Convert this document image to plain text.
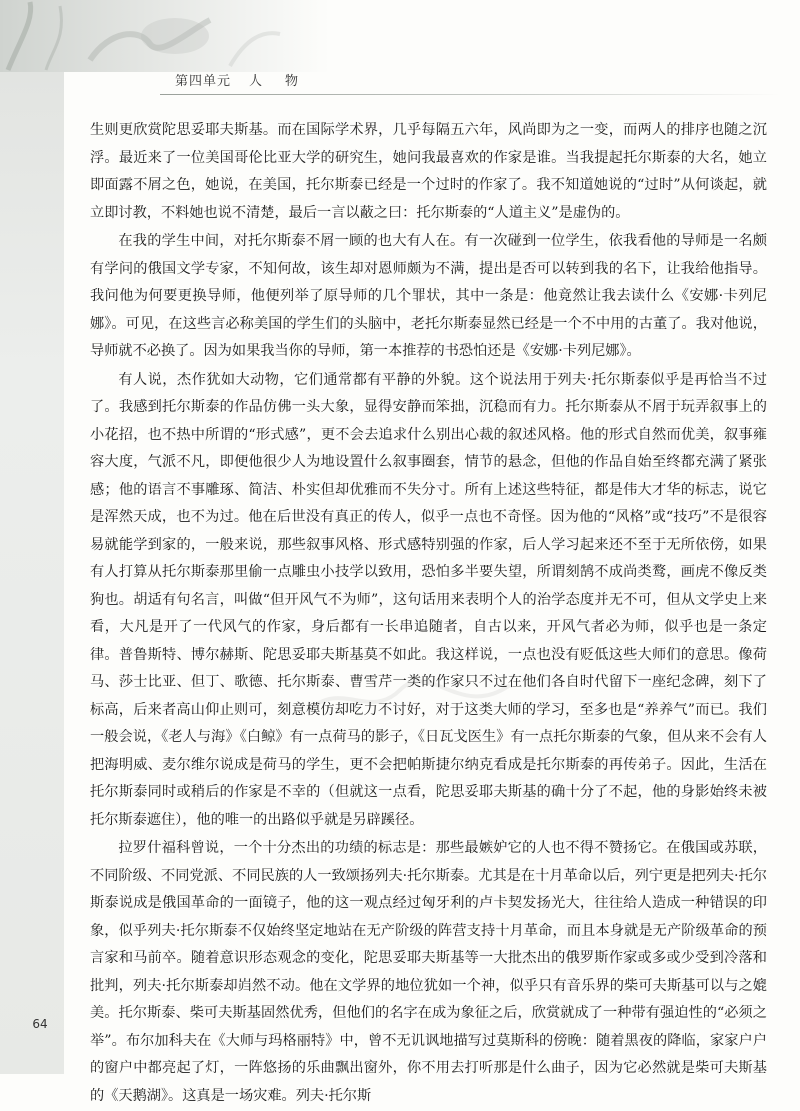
第四单元 人 物

生则更欣赏陀思妥耶夫斯基。而在国际学术界，几乎每隔五六年，风尚即为之一变，而两人的排序也随之沉浮。最近来了一位美国哥伦比亚大学的研究生，她问我最喜欢的作家是谁。当我提起托尔斯泰的大名，她立即面露不屑之色，她说，在美国，托尔斯泰已经是一个过时的作家了。我不知道她说的“过时”从何谈起，就立即讨教，不料她也说不清楚，最后一言以蔽之曰：托尔斯泰的“人道主义”是虚伪的。

在我的学生中间，对托尔斯泰不屑一顾的也大有人在。有一次碰到一位学生，依我看他的导师是一名颇有学问的俄国文学专家，不知何故，该生却对恩师颇为不满，提出是否可以转到我的名下，让我给他指导。我问他为何要更换导师，他便列举了原导师的几个罪状，其中一条是：他竟然让我去读什么《安娜·卡列尼娜》。可见，在这些言必称美国的学生们的头脑中，老托尔斯泰显然已经是一个不中用的古董了。我对他说，导师就不必换了。因为如果我当你的导师，第一本推荐的书恐怕还是《安娜·卡列尼娜》。

有人说，杰作犹如大动物，它们通常都有平静的外貌。这个说法用于列夫·托尔斯泰似乎是再恰当不过了。我感到托尔斯泰的作品仿佛一头大象，显得安静而笨拙，沉稳而有力。托尔斯泰从不屑于玩弄叙事上的小花招，也不热中所谓的“形式感”，更不会去追求什么别出心裁的叙述风格。他的形式自然而优美，叙事雍容大度，气派不凡，即便他很少人为地设置什么叙事圈套，情节的悬念，但他的作品自始至终都充满了紧张感；他的语言不事雕琢、简洁、朴实但却优雅而不失分寸。所有上述这些特征，都是伟大才华的标志，说它是浑然天成，也不为过。他在后世没有真正的传人，似乎一点也不奇怪。因为他的“风格”或“技巧”不是很容易就能学到家的，一般来说，那些叙事风格、形式感特别强的作家，后人学习起来还不至于无所依傍，如果有人打算从托尔斯泰那里偷一点雕虫小技学以致用，恐怕多半要失望，所谓刻鹄不成尚类鹜，画虎不像反类狗也。胡适有句名言，叫做“但开风气不为师”，这句话用来表明个人的治学态度并无不可，但从文学史上来看，大凡是开了一代风气的作家，身后都有一长串追随者，自古以来，开风气者必为师，似乎也是一条定律。普鲁斯特、博尔赫斯、陀思妥耶夫斯基莫不如此。我这样说，一点也没有贬低这些大师们的意思。像荷马、莎士比亚、但丁、歌德、托尔斯泰、曹雪芹一类的作家只不过在他们各自时代留下一座纪念碑，刻下了标高，后来者高山仰止则可，刻意模仿却吃力不讨好，对于这类大师的学习，至多也是“养养气”而已。我们一般会说，《老人与海》《白鲸》有一点荷马的影子，《日瓦戈医生》有一点托尔斯泰的气象，但从来不会有人把海明威、麦尔维尔说成是荷马的学生，更不会把帕斯捷尔纳克看成是托尔斯泰的再传弟子。因此，生活在托尔斯泰同时或稍后的作家是不幸的（但就这一点看，陀思妥耶夫斯基的确十分了不起，他的身影始终未被托尔斯泰遮住），他的唯一的出路似乎就是另辟蹊径。

拉罗什福科曾说，一个十分杰出的功绩的标志是：那些最嫉妒它的人也不得不赞扬它。在俄国或苏联，不同阶级、不同党派、不同民族的人一致颂扬列夫·托尔斯泰。尤其是在十月革命以后，列宁更是把列夫·托尔斯泰说成是俄国革命的一面镜子，他的这一观点经过匈牙利的卢卡契发扬光大，往往给人造成一种错误的印象，似乎列夫·托尔斯泰不仅始终坚定地站在无产阶级的阵营支持十月革命，而且本身就是无产阶级革命的预言家和马前卒。随着意识形态观念的变化，陀思妥耶夫斯基等一大批杰出的俄罗斯作家或多或少受到冷落和批判，列夫·托尔斯泰却岿然不动。他在文学界的地位犹如一个神，似乎只有音乐界的柴可夫斯基可以与之媲美。托尔斯泰、柴可夫斯基固然优秀，但他们的名字在成为象征之后，欣赏就成了一种带有强迫性的“必须之举”。布尔加科夫在《大师与玛格丽特》中，曾不无讥讽地描写过莫斯科的傍晚：随着黑夜的降临，家家户户的窗户中都亮起了灯，一阵悠扬的乐曲飘出窗外，你不用去打听那是什么曲子，因为它必然就是柴可夫斯基的《天鹅湖》。这真是一场灾难。列夫·托尔斯

64
